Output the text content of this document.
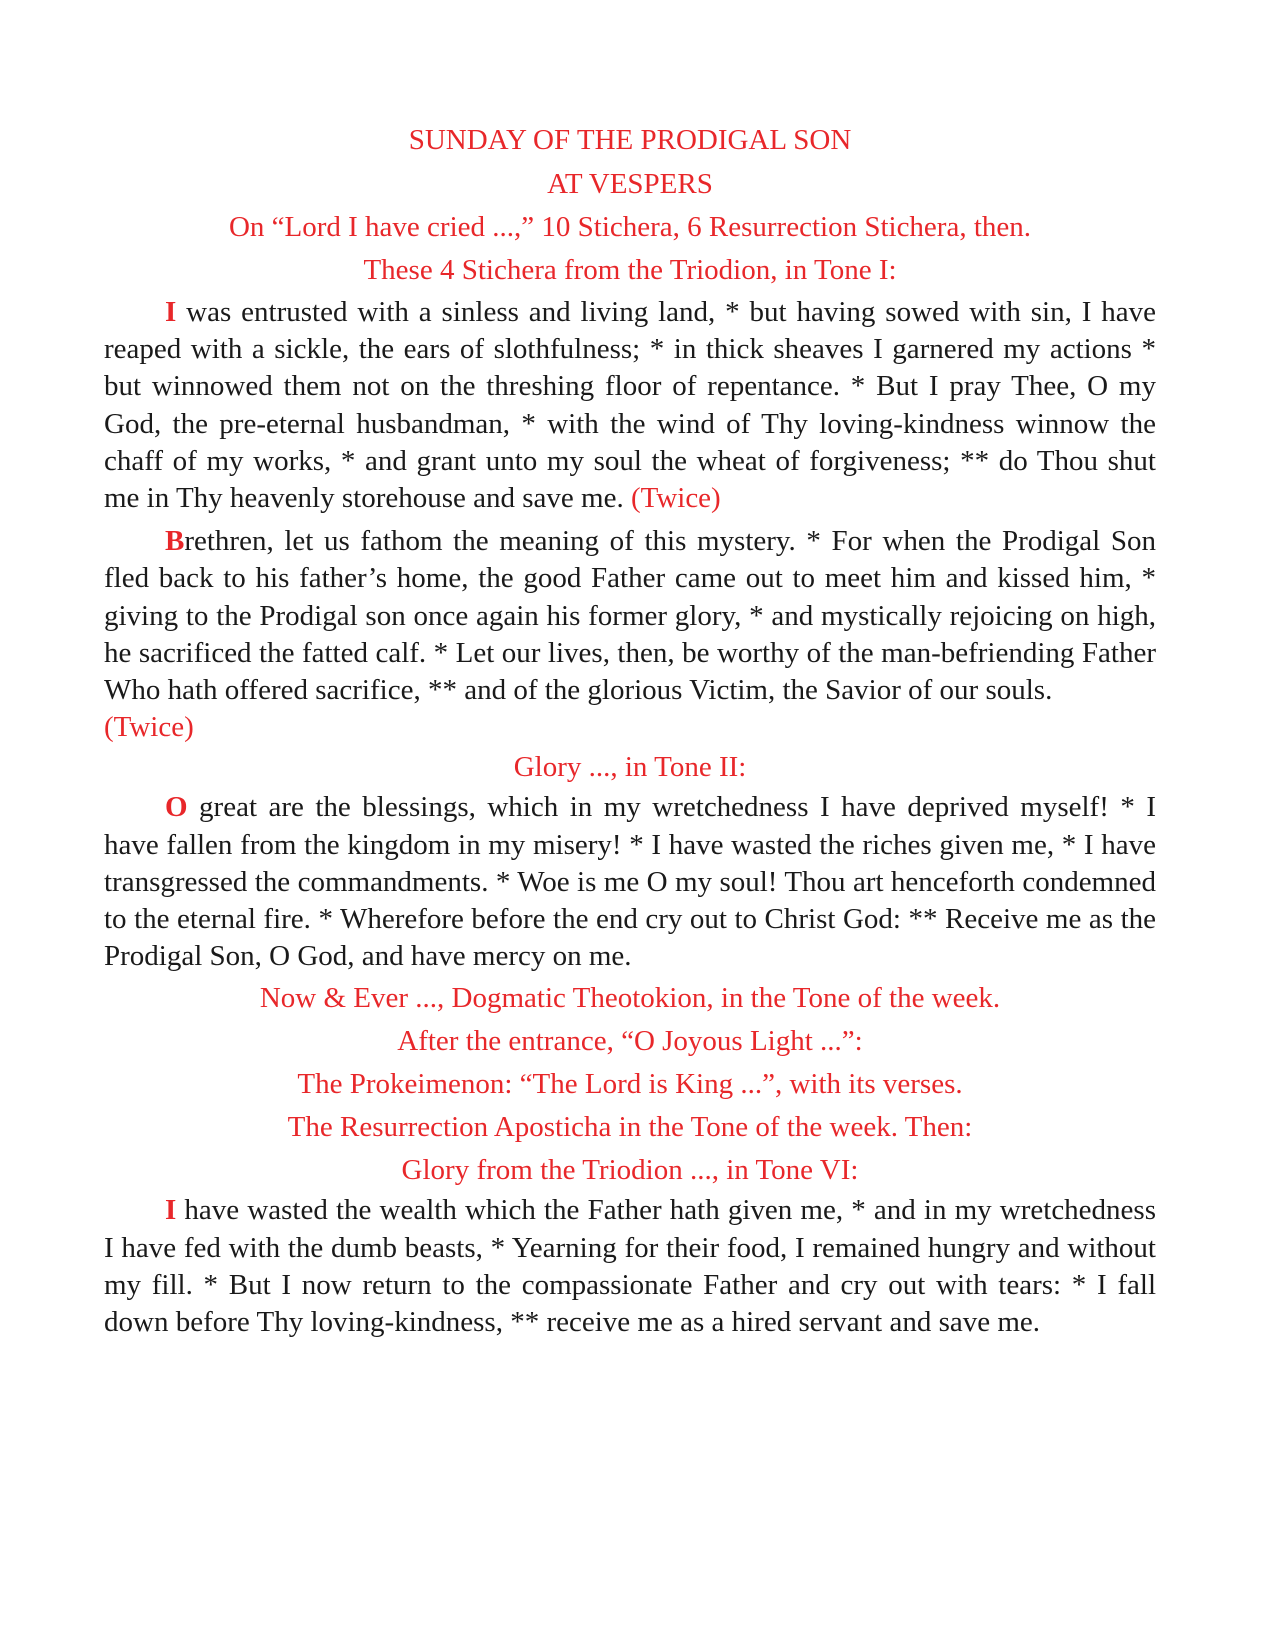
SUNDAY OF THE PRODIGAL SON

AT VESPERS

On “Lord I have cried ...,” 10 Stichera, 6 Resurrection Stichera, then.

These 4 Stichera from the Triodion, in Tone I:

I was entrusted with a sinless and living land, * but having sowed with sin, I have reaped with a sickle, the ears of slothfulness; * in thick sheaves I garnered my actions * but winnowed them not on the threshing floor of repentance. * But I pray Thee, O my God, the pre-eternal husbandman, * with the wind of Thy loving-kindness winnow the chaff of my works, * and grant unto my soul the wheat of forgiveness; ** do Thou shut me in Thy heavenly storehouse and save me. (Twice)

Brethren, let us fathom the meaning of this mystery. * For when the Prodigal Son fled back to his father’s home, the good Father came out to meet him and kissed him, * giving to the Prodigal son once again his former glory, * and mystically rejoicing on high, he sacrificed the fatted calf. * Let our lives, then, be worthy of the man-befriending Father Who hath offered sacrifice, ** and of the glorious Victim, the Savior of our souls.

(Twice)

Glory ..., in Tone II:

O great are the blessings, which in my wretchedness I have deprived myself! * I have fallen from the kingdom in my misery! * I have wasted the riches given me, * I have transgressed the commandments. * Woe is me O my soul! Thou art henceforth condemned to the eternal fire. * Wherefore before the end cry out to Christ God: ** Receive me as the Prodigal Son, O God, and have mercy on me.

Now & Ever ..., Dogmatic Theotokion, in the Tone of the week.

After the entrance, “O Joyous Light ...”:

The Prokeimenon: “The Lord is King ...”, with its verses.

The Resurrection Aposticha in the Tone of the week. Then:

Glory from the Triodion ..., in Tone VI:

I have wasted the wealth which the Father hath given me, * and in my wretchedness I have fed with the dumb beasts, * Yearning for their food, I remained hungry and without my fill. * But I now return to the compassionate Father and cry out with tears: * I fall down before Thy loving-kindness, ** receive me as a hired servant and save me.
